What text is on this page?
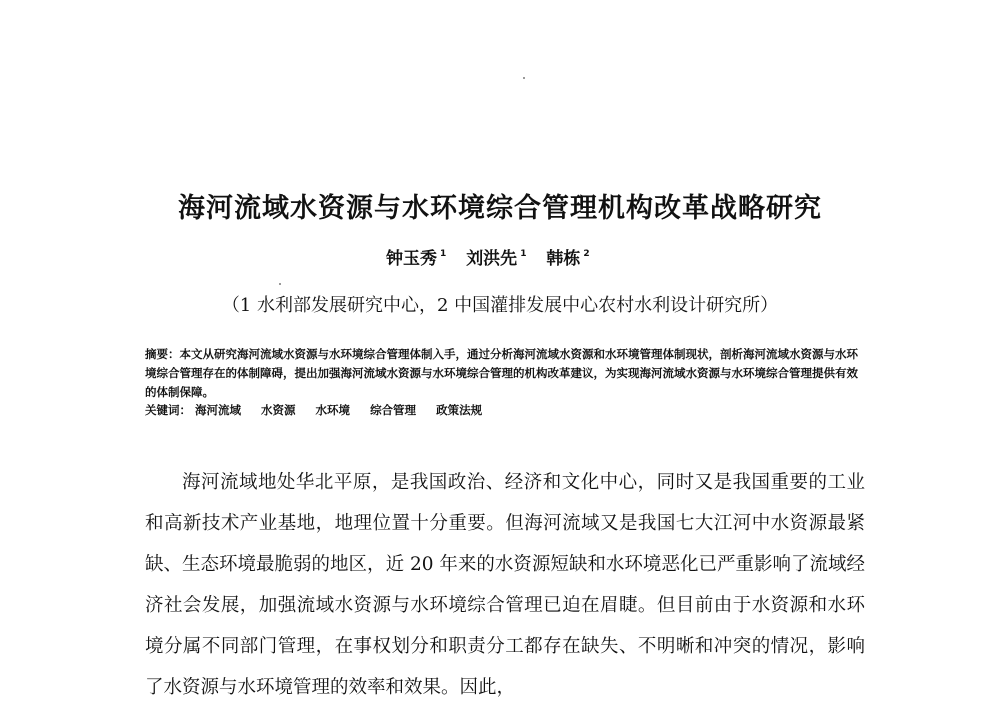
海河流域水资源与水环境综合管理机构改革战略研究
钟玉秀 $^1$ 刘洪先 $^1$ 韩栋 $^2$
（1 水利部发展研究中心，2 中国灌排发展中心农村水利设计研究所）
摘要：本文从研究海河流域水资源与水环境综合管理体制入手，通过分析海河流域水资源和水环境管理体制现状，剖析海河流域水资源与水环境综合管理存在的体制障碍，提出加强海河流域水资源与水环境综合管理的机构改革建议，为实现海河流域水资源与水环境综合管理提供有效的体制保障。
关键词： 海河流域 水资源 水环境 综合管理 政策法规
海河流域地处华北平原，是我国政治、经济和文化中心，同时又是我国重要的工业和高新技术产业基地，地理位置十分重要。但海河流域又是我国七大江河中水资源最紧缺、生态环境最脆弱的地区，近 20 年来的水资源短缺和水环境恶化已严重影响了流域经济社会发展，加强流域水资源与水环境综合管理已迫在眉睫。但目前由于水资源和水环境分属不同部门管理，在事权划分和职责分工都存在缺失、不明晰和冲突的情况，影响了水资源与水环境管理的效率和效果。因此，
